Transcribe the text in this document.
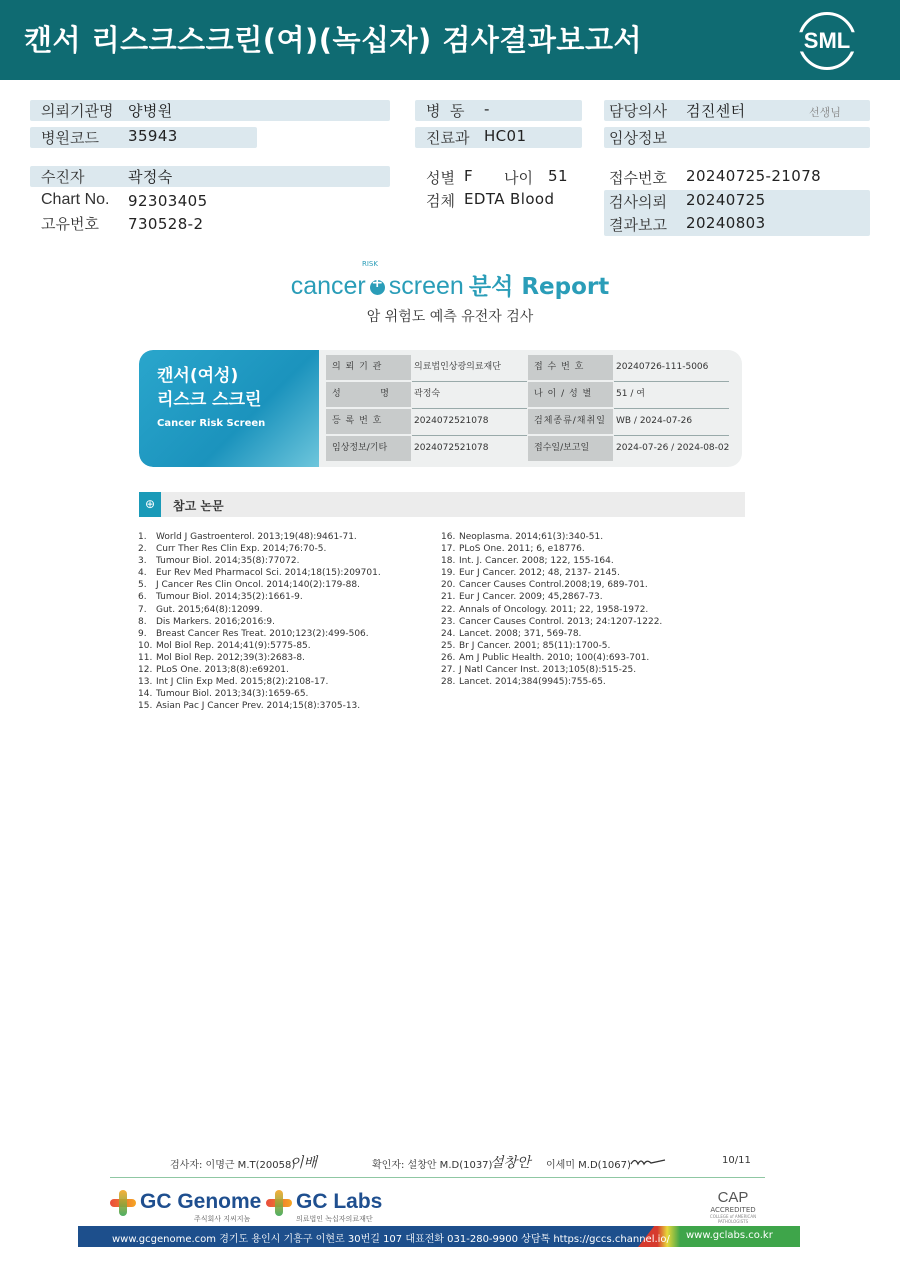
캔서 리스크스크린(여)(녹십자) 검사결과보고서	SML
의뢰기관명 양병원
병원코드 35943
병  동 -
진료과 HC01
담당의사 검진센터	선생님
임상정보
수진자	곽정숙
Chart No. 92303405
고유번호 730528-2
성별 F 나이 51
검체 EDTA Blood
접수번호 20240725-21078
검사의뢰 20240725
결과보고 20240803
cancer+ screen 분석 Report
RISK
암 위험도 예측 유전자 검사
캔서(여성)
리스크 스크린
Cancer Risk Screen
의 뢰 기 관	의료법인상광의료재단	접 수 번 호	20240726-111-5006
성          명	곽정숙	나 이 / 성 별	51 / 여
등 록 번 호	2024072521078	검체종류/채취일	WB / 2024-07-26
임상정보/기타	2024072521078	접수일/보고일	2024-07-26 / 2024-08-02
⊕	참고 논문
1. World J Gastroenterol. 2013;19(48):9461-71.
2. Curr Ther Res Clin Exp. 2014;76:70-5.
3. Tumour Biol. 2014;35(8):77072.
4. Eur Rev Med Pharmacol Sci. 2014;18(15):209701.
5. J Cancer Res Clin Oncol. 2014;140(2):179-88.
6. Tumour Biol. 2014;35(2):1661-9.
7. Gut. 2015;64(8):12099.
8. Dis Markers. 2016;2016:9.
9. Breast Cancer Res Treat. 2010;123(2):499-506.
10. Mol Biol Rep. 2014;41(9):5775-85.
11. Mol Biol Rep. 2012;39(3):2683-8.
12. PLoS One. 2013;8(8):e69201.
13. Int J Clin Exp Med. 2015;8(2):2108-17.
14. Tumour Biol. 2013;34(3):1659-65.
15. Asian Pac J Cancer Prev. 2014;15(8):3705-13.
16. Neoplasma. 2014;61(3):340-51.
17. PLoS One. 2011; 6, e18776.
18. Int. J. Cancer. 2008; 122, 155-164.
19. Eur J Cancer. 2012; 48, 2137- 2145.
20. Cancer Causes Control.2008;19, 689-701.
21. Eur J Cancer. 2009; 45,2867-73.
22. Annals of Oncology. 2011; 22, 1958-1972.
23. Cancer Causes Control. 2013; 24:1207-1222.
24. Lancet. 2008; 371, 569-78.
25. Br J Cancer. 2001; 85(11):1700-5.
26. Am J Public Health. 2010; 100(4):693-701.
27. J Natl Cancer Inst. 2013;105(8):515-25.
28. Lancet. 2014;384(9945):755-65.
검사자: 이명근 M.T(20058)
이배	확인자: 설창안 M.D(1037)
설창안 이세미 M.D(1067)	10/11
GC Genome
주식회사 지씨지놈
GC Labs
의료법인 녹십자의료재단
CAP
ACCREDITED
COLLEGE of AMERICAN PATHOLOGISTS
www.gcgenome.com 경기도 용인시 기흥구 이현로 30번길 107 대표전화 031-280-9900 상담톡 https://gccs.channel.io/ www.gclabs.co.kr
